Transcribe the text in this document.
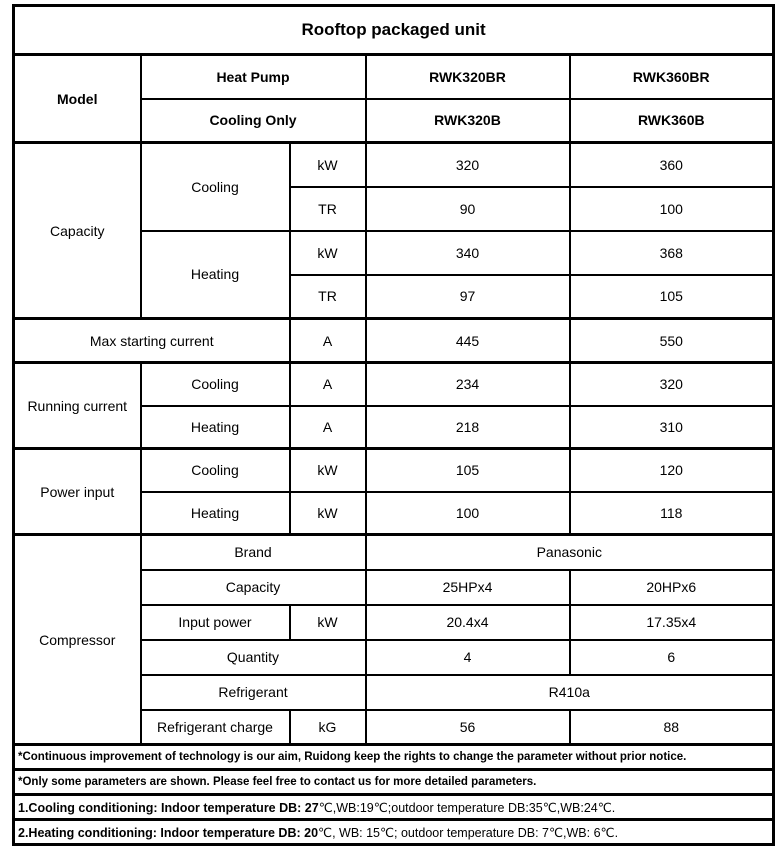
Rooftop packaged unit				
Model	Heat Pump		RWK320BR	RWK360BR
	Cooling Only		RWK320B	RWK360B
Capacity	Cooling	kW	320	360
		TR	90	100
	Heating	kW	340	368
		TR	97	105
Max starting current		A	445	550
Running current	Cooling	A	234	320
	Heating	A	218	310
Power input	Cooling	kW	105	120
	Heating	kW	100	118
Compressor	Brand		Panasonic	
	Capacity		25HPx4	20HPx6
	Input power	kW	20.4x4	17.35x4
	Quantity		4	6
	Refrigerant		R410a	
	Refrigerant charge	kG	56	88
*Continuous improvement of technology is our aim, Ruidong keep the rights to change the parameter without prior notice.				
*Only some parameters are shown. Please feel free to contact us for more detailed parameters.				
1.Cooling conditioning: Indoor temperature DB: 27℃,WB:19℃;outdoor temperature DB:35℃,WB:24℃.				
2.Heating conditioning: Indoor temperature DB: 20℃, WB: 15℃; outdoor temperature DB: 7℃,WB: 6℃.				
